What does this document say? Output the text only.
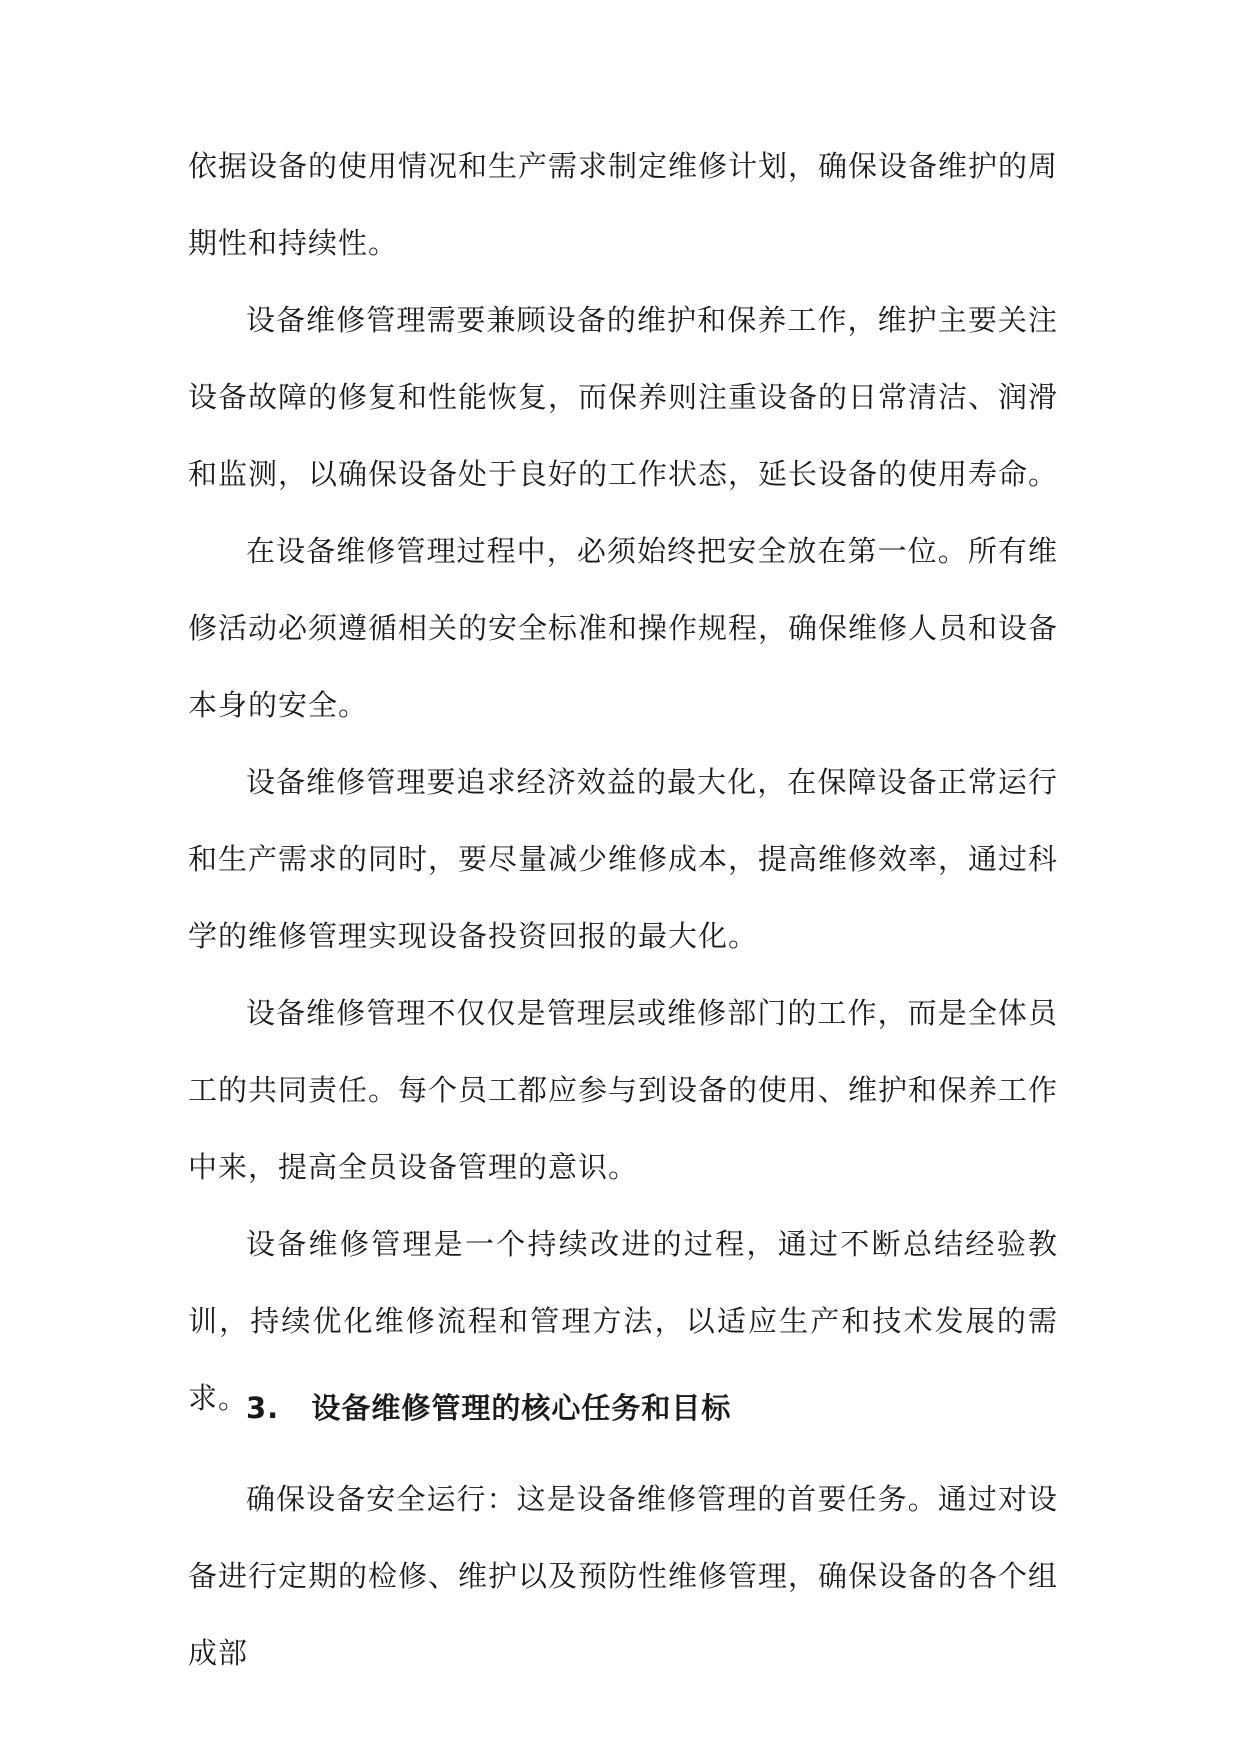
依据设备的使用情况和生产需求制定维修计划，确保设备维护的周期性和持续性。

设备维修管理需要兼顾设备的维护和保养工作，维护主要关注设备故障的修复和性能恢复，而保养则注重设备的日常清洁、润滑和监测，以确保设备处于良好的工作状态，延长设备的使用寿命。

在设备维修管理过程中，必须始终把安全放在第一位。所有维修活动必须遵循相关的安全标准和操作规程，确保维修人员和设备本身的安全。

设备维修管理要追求经济效益的最大化，在保障设备正常运行和生产需求的同时，要尽量减少维修成本，提高维修效率，通过科学的维修管理实现设备投资回报的最大化。

设备维修管理不仅仅是管理层或维修部门的工作，而是全体员工的共同责任。每个员工都应参与到设备的使用、维护和保养工作中来，提高全员设备管理的意识。

设备维修管理是一个持续改进的过程，通过不断总结经验教训，持续优化维修流程和管理方法，以适应生产和技术发展的需求。

3. 设备维修管理的核心任务和目标

确保设备安全运行：这是设备维修管理的首要任务。通过对设备进行定期的检修、维护以及预防性维修管理，确保设备的各个组成部
